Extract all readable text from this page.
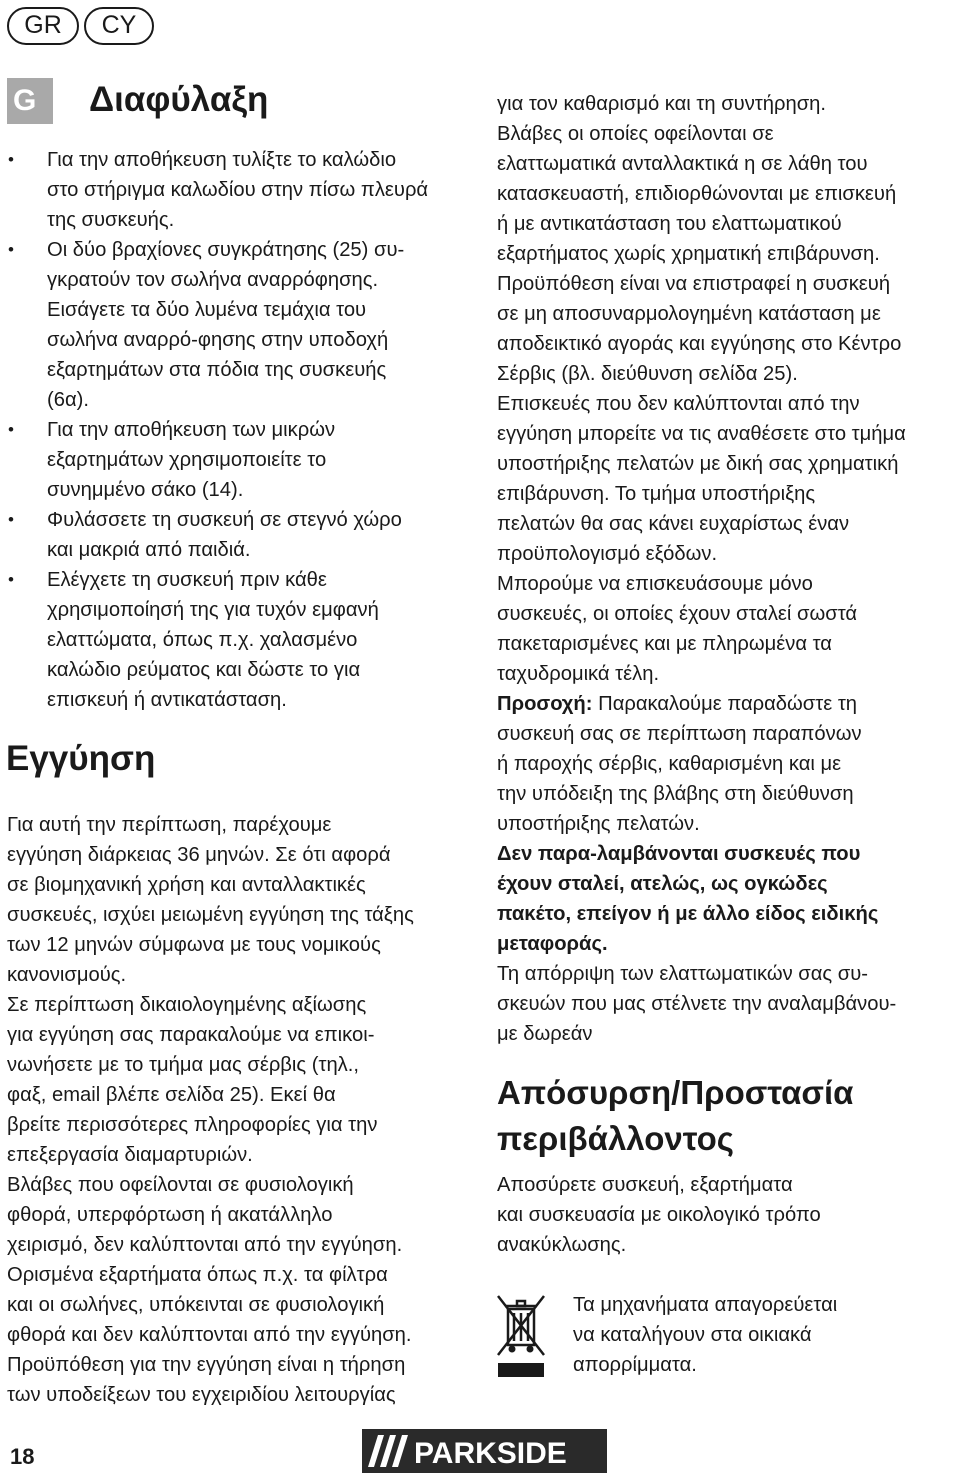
GR	CY
G	Διαφύλαξη
• Για την αποθήκευση τυλίξτε το καλώδιο
στο στήριγμα καλωδίου στην πίσω πλευρά
της συσκευής.
• Οι δύο βραχίονες συγκράτησης (25) συ-
γκρατούν τον σωλήνα αναρρόφησης.
Εισάγετε τα δύο λυμένα τεμάχια του
σωλήνα αναρρό-φησης στην υποδοχή
εξαρτημάτων στα πόδια της συσκευής
(6α).
• Για την αποθήκευση των μικρών
εξαρτημάτων χρησιμοποιείτε το
συνημμένο σάκο (14).
• Φυλάσσετε τη συσκευή σε στεγνό χώρο
και μακριά από παιδιά.
• Ελέγχετε τη συσκευή πριν κάθε
χρησιμοποίησή της για τυχόν εμφανή
ελαττώματα, όπως π.χ. χαλασμένο
καλώδιο ρεύματος και δώστε το για
επισκευή ή αντικατάσταση.
Για αυτή την περίπτωση, παρέχουμε
εγγύηση διάρκειας 36 μηνών. Σε ότι αφορά
σε βιομηχανική χρήση και ανταλλακτικές
συσκευές, ισχύει μειωμένη εγγύηση της τάξης
των 12 μηνών σύμφωνα με τους νομικούς
κανονισμούς.
Σε περίπτωση δικαιολογημένης αξίωσης
για εγγύηση σας παρακαλούμε να επικοι-
νωνήσετε με το τμήμα μας σέρβις (τηλ.,
φαξ, email βλέπε σελίδα 25). Εκεί θα
βρείτε περισσότερες πληροφορίες για την
επεξεργασία διαμαρτυριών.
Βλάβες που οφείλονται σε φυσιολογική
φθορά, υπερφόρτωση ή ακατάλληλο
χειρισμό, δεν καλύπτονται από την εγγύηση.
Ορισμένα εξαρτήματα όπως π.χ. τα φίλτρα
και οι σωλήνες, υπόκεινται σε φυσιολογική
φθορά και δεν καλύπτονται από την εγγύηση.
Προϋπόθεση για την εγγύηση είναι η τήρηση
των υποδείξεων του εγχειριδίου λειτουργίας
Εγγύηση
για τον καθαρισμό και τη συντήρηση.
Βλάβες οι οποίες οφείλονται σε
ελαττωματικά ανταλλακτικά η σε λάθη του
κατασκευαστή, επιδιορθώνονται με επισκευή
ή με αντικατάσταση του ελαττωματικού
εξαρτήματος χωρίς χρηματική επιβάρυνση.
Προϋπόθεση είναι να επιστραφεί η συσκευή
σε μη αποσυναρμολογημένη κατάσταση με
αποδεικτικό αγοράς και εγγύησης στο Κέντρο
Σέρβις (βλ. διεύθυνση σελίδα 25).
Επισκευές που δεν καλύπτονται από την
εγγύηση μπορείτε να τις αναθέσετε στο τμήμα
υποστήριξης πελατών με δική σας χρηματική
επιβάρυνση. Το τμήμα υποστήριξης
πελατών θα σας κάνει ευχαρίστως έναν
προϋπολογισμό εξόδων.
Μπορούμε να επισκευάσουμε μόνο
συσκευές, οι οποίες έχουν σταλεί σωστά
πακεταρισμένες και με πληρωμένα τα
ταχυδρομικά τέλη.
Προσοχή: Παρακαλούμε παραδώστε τη
συσκευή σας σε περίπτωση παραπόνων
ή παροχής σέρβις, καθαρισμένη και με
την υπόδειξη της βλάβης στη διεύθυνση
υποστήριξης πελατών.
Δεν παρα-λαμβάνονται συσκευές που
έχουν σταλεί, ατελώς, ως ογκώδες
πακέτο, επείγον ή με άλλο είδος ειδικής
μεταφοράς.
Τη απόρριψη των ελαττωματικών σας συ-
σκευών που μας στέλνετε την αναλαμβάνου-
με δωρεάν
Απόσυρση/Προστασία
περιβάλλοντος
Αποσύρετε συσκευή, εξαρτήματα
και συσκευασία με οικολογικό τρόπο
ανακύκλωσης.
Τα μηχανήματα απαγορεύεται
να καταλήγουν στα οικιακά
απορρίμματα.
18	PARKSIDE
